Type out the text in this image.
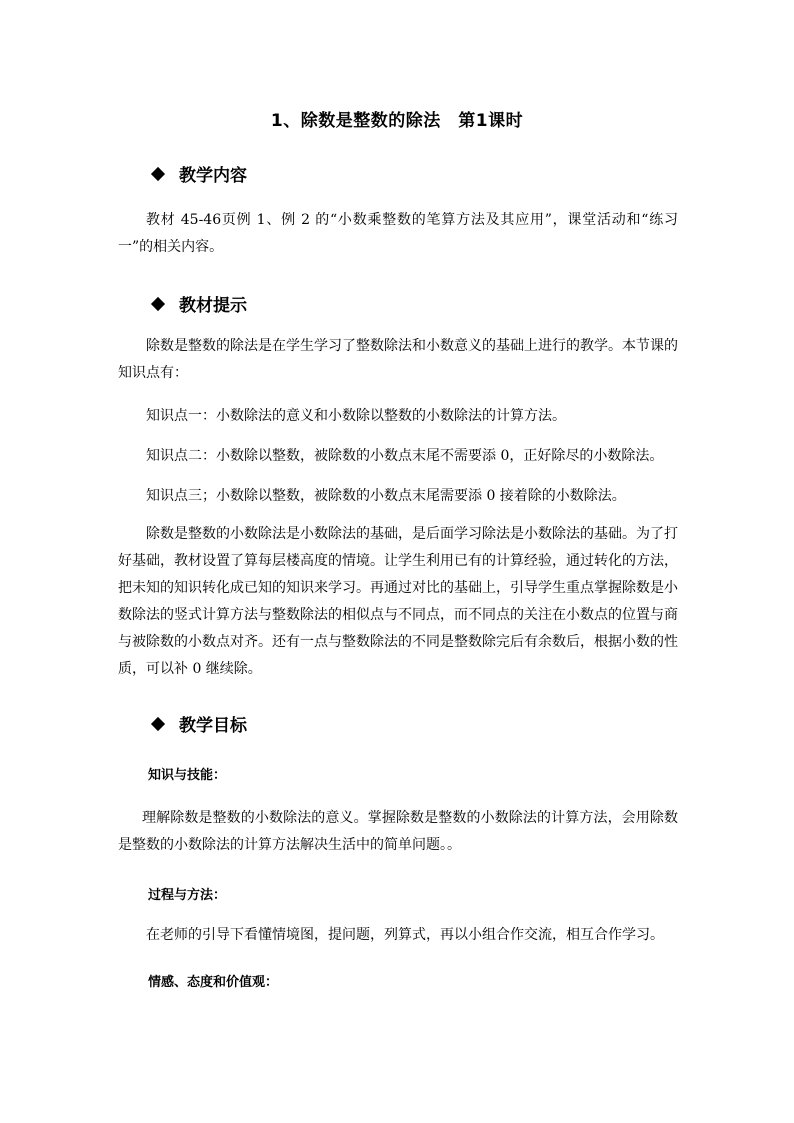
1、除数是整数的除法　第1课时
教学内容
教材 45-46页例 1、例 2 的“小数乘整数的笔算方法及其应用”，课堂活动和“练习一”的相关内容。
教材提示
除数是整数的除法是在学生学习了整数除法和小数意义的基础上进行的教学。本节课的知识点有：
知识点一：小数除法的意义和小数除以整数的小数除法的计算方法。
知识点二：小数除以整数，被除数的小数点末尾不需要添 0，正好除尽的小数除法。
知识点三；小数除以整数，被除数的小数点末尾需要添 0 接着除的小数除法。
除数是整数的小数除法是小数除法的基础，是后面学习除法是小数除法的基础。为了打好基础，教材设置了算每层楼高度的情境。让学生利用已有的计算经验，通过转化的方法，把未知的知识转化成已知的知识来学习。再通过对比的基础上，引导学生重点掌握除数是小数除法的竖式计算方法与整数除法的相似点与不同点，而不同点的关注在小数点的位置与商与被除数的小数点对齐。还有一点与整数除法的不同是整数除完后有余数后，根据小数的性质，可以补 0 继续除。
教学目标
知识与技能：
理解除数是整数的小数除法的意义。掌握除数是整数的小数除法的计算方法，会用除数是整数的小数除法的计算方法解决生活中的简单问题。。
过程与方法：
在老师的引导下看懂情境图，提问题，列算式，再以小组合作交流，相互合作学习。
情感、态度和价值观：
